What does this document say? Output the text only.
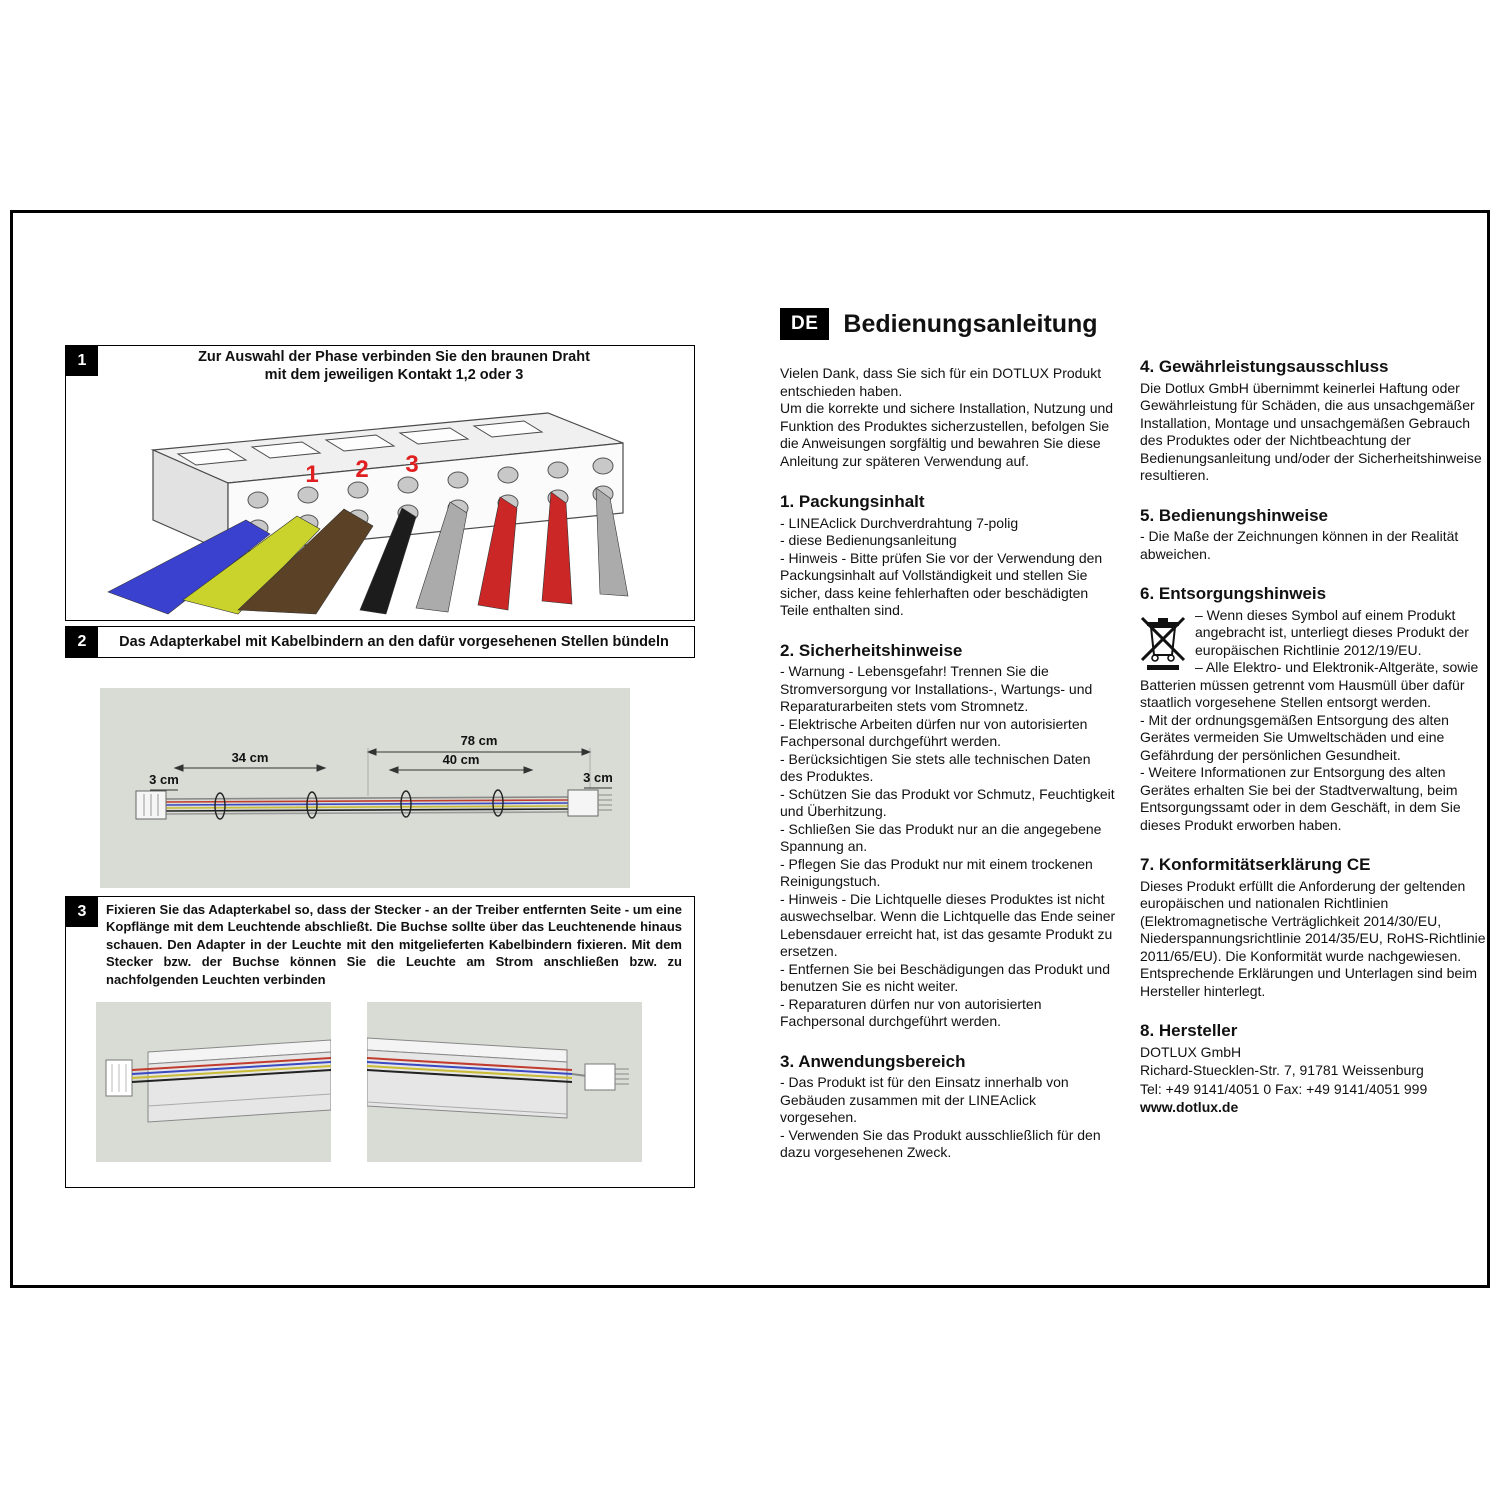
1	Zur Auswahl der Phase verbinden Sie den braunen Draht
mit dem jeweiligen Kontakt 1,2 oder 3
1 2 3
2	Das Adapterkabel mit Kabelbindern an den dafür vorgesehenen Stellen bündeln
78 cm
34 cm	40 cm
3 cm	3 cm
3	Fixieren Sie das Adapterkabel so, dass der Stecker - an der Treiber entfernten Seite - um eine Kopflänge mit dem Leuchtende abschließt. Die Buchse sollte über das Leuchtenende hinaus schauen. Den Adapter in der Leuchte mit den mitgelieferten Kabelbindern fixieren. Mit dem Stecker bzw. der Buchse können Sie die Leuchte am Strom anschließen bzw. zu nachfolgenden Leuchten verbinden
DE	Bedienungsanleitung

Vielen Dank, dass Sie sich für ein DOTLUX Produkt entschieden haben.

Um die korrekte und sichere Installation, Nutzung und Funktion des Produktes sicherzustellen, befolgen Sie die Anweisungen sorgfältig und bewahren Sie diese Anleitung zur späteren Verwendung auf.

1. Packungsinhalt

- LINEAclick Durchverdrahtung 7-polig

- diese Bedienungsanleitung

- Hinweis - Bitte prüfen Sie vor der Verwendung den Packungsinhalt auf Vollständigkeit und stellen Sie sicher, dass keine fehlerhaften oder beschädigten Teile enthalten sind.

2. Sicherheitshinweise

- Warnung - Lebensgefahr! Trennen Sie die Stromversorgung vor Installations-, Wartungs- und Reparaturarbeiten stets vom Stromnetz.

- Elektrische Arbeiten dürfen nur von autorisierten Fachpersonal durchgeführt werden.

- Berücksichtigen Sie stets alle technischen Daten des Produktes.

- Schützen Sie das Produkt vor Schmutz, Feuchtigkeit und Überhitzung.

- Schließen Sie das Produkt nur an die angegebene Spannung an.

- Pflegen Sie das Produkt nur mit einem trockenen Reinigungstuch.

- Hinweis - Die Lichtquelle dieses Produktes ist nicht auswechselbar. Wenn die Lichtquelle das Ende seiner Lebensdauer erreicht hat, ist das gesamte Produkt zu ersetzen.

- Entfernen Sie bei Beschädigungen das Produkt und benutzen Sie es nicht weiter.

- Reparaturen dürfen nur von autorisierten Fachpersonal durchgeführt werden.

3. Anwendungsbereich

- Das Produkt ist für den Einsatz innerhalb von Gebäuden zusammen mit der LINEAclick vorgesehen.

- Verwenden Sie das Produkt ausschließlich für den dazu vorgesehenen Zweck.

4. Gewährleistungsausschluss

Die Dotlux GmbH übernimmt keinerlei Haftung oder Gewährleistung für Schäden, die aus unsachgemäßer Installation, Montage und unsachgemäßen Gebrauch des Produktes oder der Nichtbeachtung der Bedienungsanleitung und/oder der Sicherheitshinweise resultieren.

5. Bedienungshinweise

- Die Maße der Zeichnungen können in der Realität abweichen.

6. Entsorgungshinweis

– Wenn dieses Symbol auf einem Produkt angebracht ist, unterliegt dieses Produkt der europäischen Richtlinie 2012/19/EU.

– Alle Elektro- und Elektronik-Altgeräte, sowie Batterien müssen getrennt vom Hausmüll über dafür staatlich vorgesehene Stellen entsorgt werden.

- Mit der ordnungsgemäßen Entsorgung des alten Gerätes vermeiden Sie Umweltschäden und eine Gefährdung der persönlichen Gesundheit.

- Weitere Informationen zur Entsorgung des alten Gerätes erhalten Sie bei der Stadtverwaltung, beim Entsorgungssamt oder in dem Geschäft, in dem Sie dieses Produkt erworben haben.

7. Konformitätserklärung CE

Dieses Produkt erfüllt die Anforderung der geltenden europäischen und nationalen Richtlinien (Elektromagnetische Verträglichkeit 2014/30/EU, Niederspannungsrichtlinie 2014/35/EU, RoHS-Richtlinie 2011/65/EU). Die Konformität wurde nachgewiesen. Entsprechende Erklärungen und Unterlagen sind beim Hersteller hinterlegt.

8. Hersteller

DOTLUX GmbH

Richard-Stuecklen-Str. 7, 91781 Weissenburg

Tel: +49 9141/4051 0 Fax: +49 9141/4051 999

www.dotlux.de
